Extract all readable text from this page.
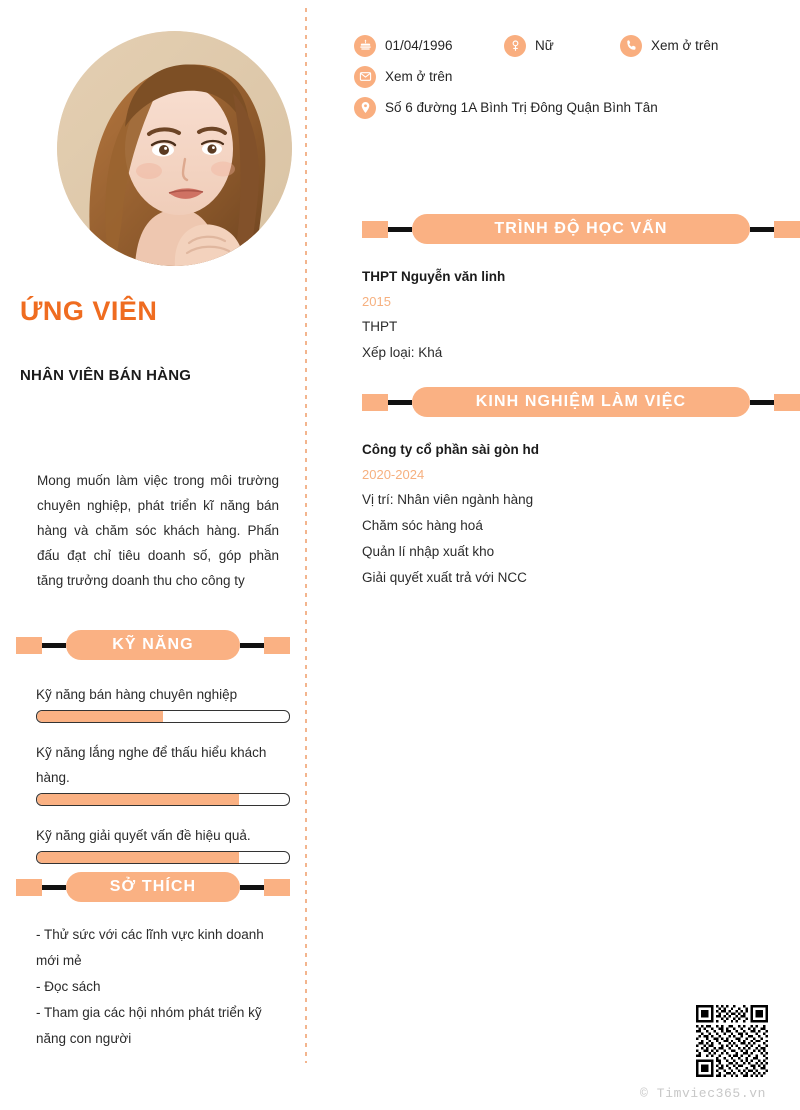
ỨNG VIÊN
NHÂN VIÊN BÁN HÀNG
Mong muốn làm việc trong môi trường chuyên nghiệp, phát triển kĩ năng bán hàng và chăm sóc khách hàng. Phấn đấu đạt chỉ tiêu doanh số, góp phần tăng trưởng doanh thu cho công ty
KỸ NĂNG
Kỹ năng bán hàng chuyên nghiệp
Kỹ năng lắng nghe để thấu hiểu khách hàng.
Kỹ năng giải quyết vấn đề hiệu quả.
SỞ THÍCH
- Thử sức với các lĩnh vực kinh doanh mới mẻ
- Đọc sách
- Tham gia các hội nhóm phát triển kỹ năng con người
01/04/1996	Nữ	Xem ở trên
Xem ở trên
Số 6 đường 1A Bình Trị Đông Quận Bình Tân
TRÌNH ĐỘ HỌC VẤN
THPT Nguyễn văn linh
2015
THPT
Xếp loại: Khá
KINH NGHIỆM LÀM VIỆC
Công ty cổ phần sài gòn hd
2020-2024
Vị trí: Nhân viên ngành hàng
Chăm sóc hàng hoá
Quản lí nhập xuất kho
Giải quyết xuất trả với NCC
© Timviec365.vn
